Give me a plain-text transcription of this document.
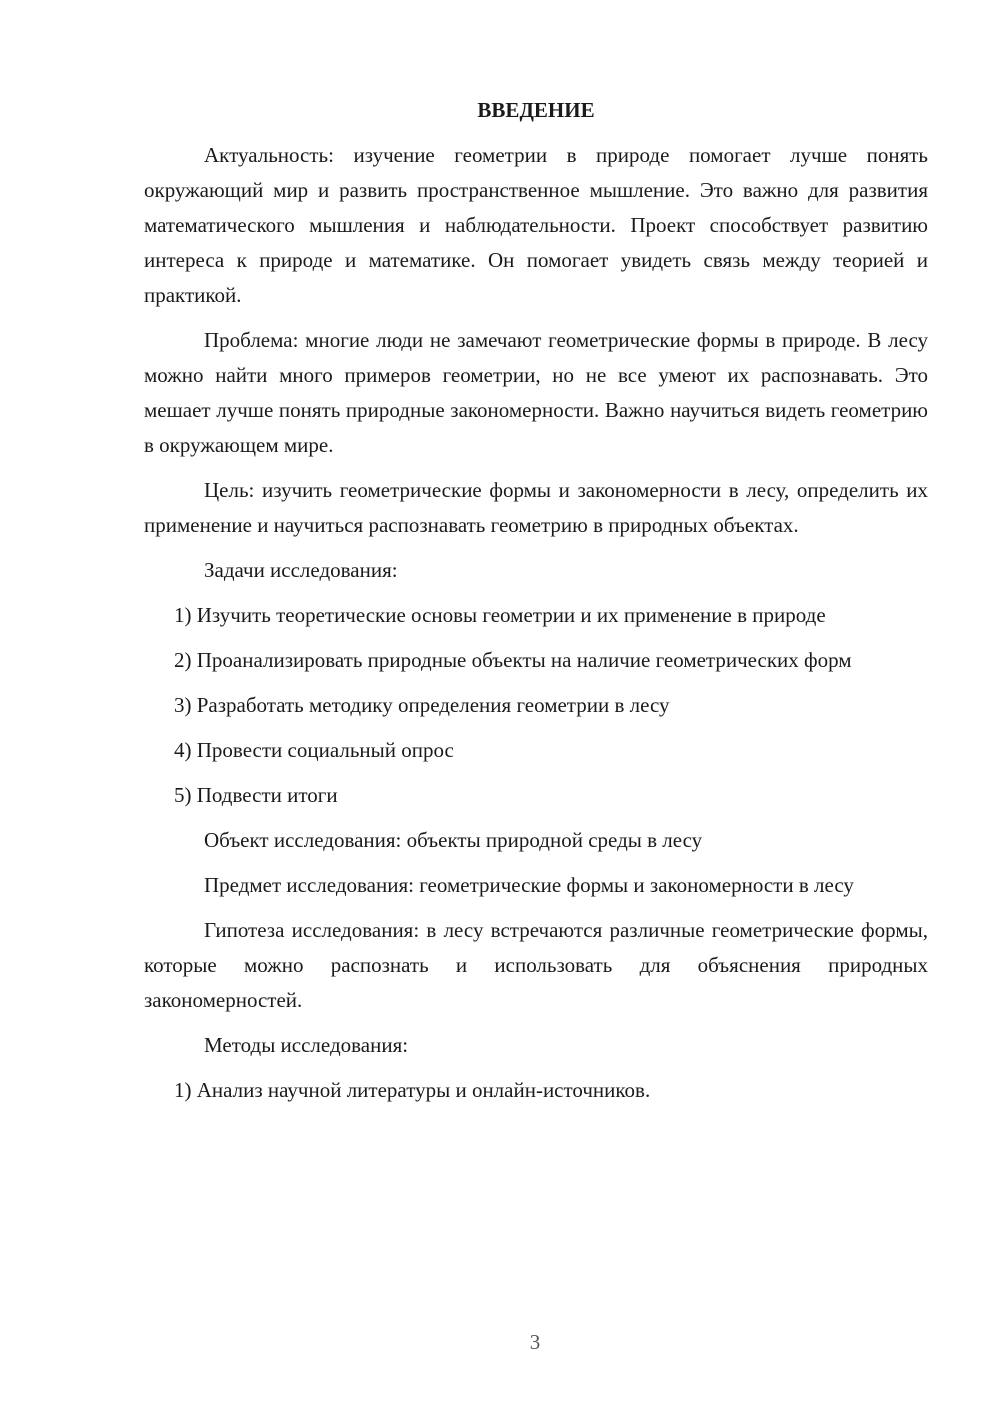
ВВЕДЕНИЕ

Актуальность: изучение геометрии в природе помогает лучше понять окружающий мир и развить пространственное мышление. Это важно для развития математического мышления и наблюдательности. Проект способствует развитию интереса к природе и математике. Он помогает увидеть связь между теорией и практикой.

Проблема: многие люди не замечают геометрические формы в природе. В лесу можно найти много примеров геометрии, но не все умеют их распознавать. Это мешает лучше понять природные закономерности. Важно научиться видеть геометрию в окружающем мире.

Цель: изучить геометрические формы и закономерности в лесу, определить их применение и научиться распознавать геометрию в природных объектах.

Задачи исследования:

1) Изучить теоретические основы геометрии и их применение в природе

2) Проанализировать природные объекты на наличие геометрических форм

3) Разработать методику определения геометрии в лесу

4) Провести социальный опрос

5) Подвести итоги

Объект исследования: объекты природной среды в лесу

Предмет исследования: геометрические формы и закономерности в лесу

Гипотеза исследования: в лесу встречаются различные геометрические формы, которые можно распознать и использовать для объяснения природных закономерностей.

Методы исследования:

1) Анализ научной литературы и онлайн-источников.

3
